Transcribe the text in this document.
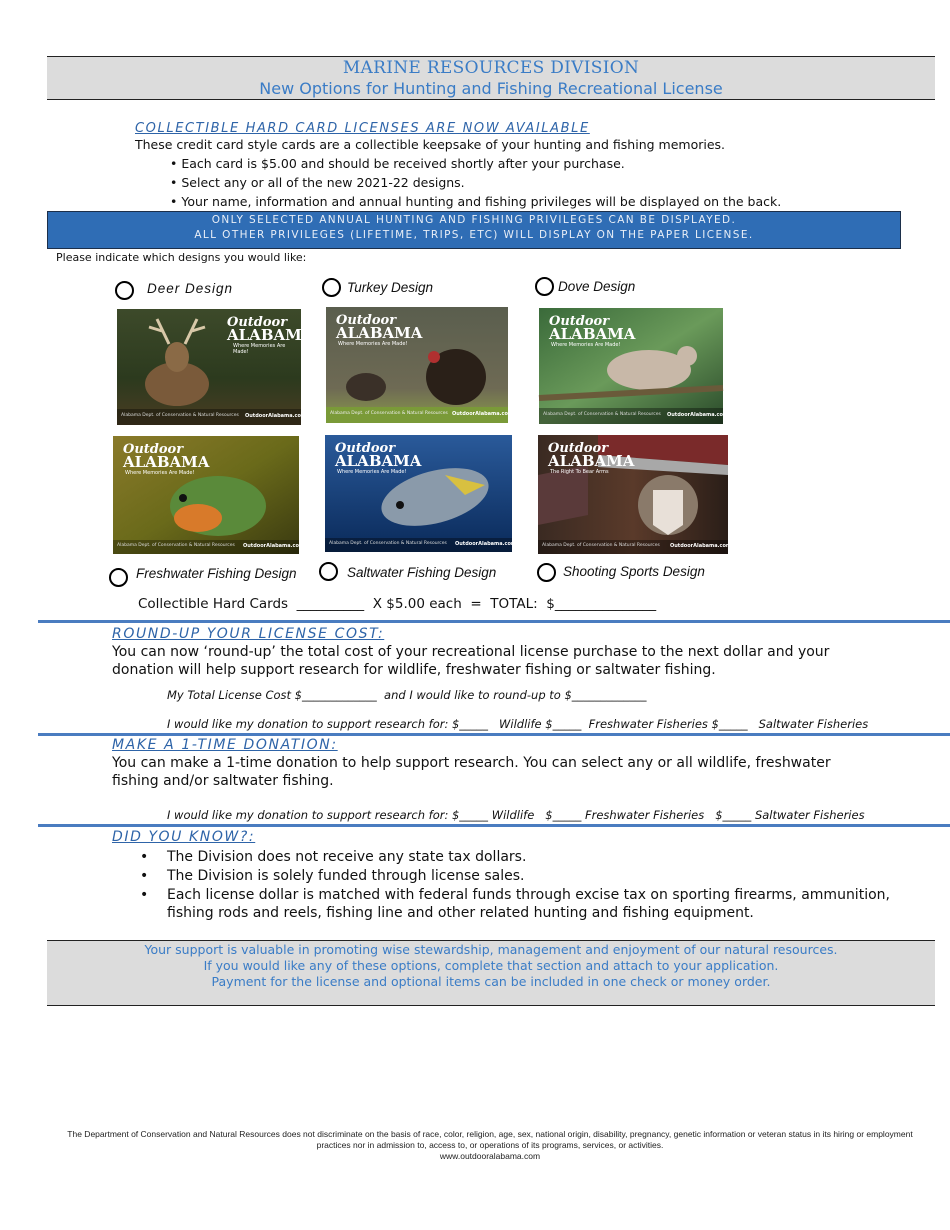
MARINE RESOURCES DIVISION
New Options for Hunting and Fishing Recreational License
COLLECTIBLE HARD CARD LICENSES ARE NOW AVAILABLE
These credit card style cards are a collectible keepsake of your hunting and fishing memories.
• Each card is $5.00 and should be received shortly after your purchase.
• Select any or all of the new 2021-22 designs.
• Your name, information and annual hunting and fishing privileges will be displayed on the back.
ONLY SELECTED ANNUAL HUNTING AND FISHING PRIVILEGES CAN BE DISPLAYED.
ALL OTHER PRIVILEGES (LIFETIME, TRIPS, ETC) WILL DISPLAY ON THE PAPER LICENSE.
Please indicate which designs you would like:
Deer Design	Turkey Design	Dove Design
Outdoor
ALABAMA
Where Memories Are Made!
Alabama Dept. of Conservation & Natural Resources OutdoorAlabama.com
Outdoor
ALABAMA
Where Memories Are Made!
Alabama Dept. of Conservation & Natural Resources OutdoorAlabama.com
Outdoor
ALABAMA
Where Memories Are Made!
Alabama Dept. of Conservation & Natural Resources OutdoorAlabama.com
Outdoor
ALABAMA
Where Memories Are Made!
Alabama Dept. of Conservation & Natural Resources OutdoorAlabama.com
Outdoor
ALABAMA
Where Memories Are Made!
Alabama Dept. of Conservation & Natural Resources OutdoorAlabama.com
Outdoor
ALABAMA
The Right To Bear Arms
Alabama Dept. of Conservation & Natural Resources OutdoorAlabama.com
Freshwater Fishing Design	Saltwater Fishing Design	Shooting Sports Design
Collectible Hard Cards  __________  X $5.00 each  =  TOTAL:  $_______________
ROUND-UP YOUR LICENSE COST:
You can now ‘round-up’ the total cost of your recreational license purchase to the next dollar and your
donation will help support research for wildlife, freshwater fishing or saltwater fishing.
My Total License Cost $_____________  and I would like to round-up to $_____________
I would like my donation to support research for: $_____   Wildlife $_____  Freshwater Fisheries $_____   Saltwater Fisheries
MAKE A 1-TIME DONATION:
You can make a 1-time donation to help support research. You can select any or all wildlife, freshwater
fishing and/or saltwater fishing.
I would like my donation to support research for: $_____ Wildlife   $_____ Freshwater Fisheries   $_____ Saltwater Fisheries
DID YOU KNOW?:
• The Division does not receive any state tax dollars.
• The Division is solely funded through license sales.
• Each license dollar is matched with federal funds through excise tax on sporting firearms, ammunition,
fishing rods and reels, fishing line and other related hunting and fishing equipment.
Your support is valuable in promoting wise stewardship, management and enjoyment of our natural resources.
If you would like any of these options, complete that section and attach to your application.
Payment for the license and optional items can be included in one check or money order.
The Department of Conservation and Natural Resources does not discriminate on the basis of race, color, religion, age, sex, national origin, disability, pregnancy, genetic information or veteran status in its hiring or employment
practices nor in admission to, access to, or operations of its programs, services, or activities.
www.outdooralabama.com
